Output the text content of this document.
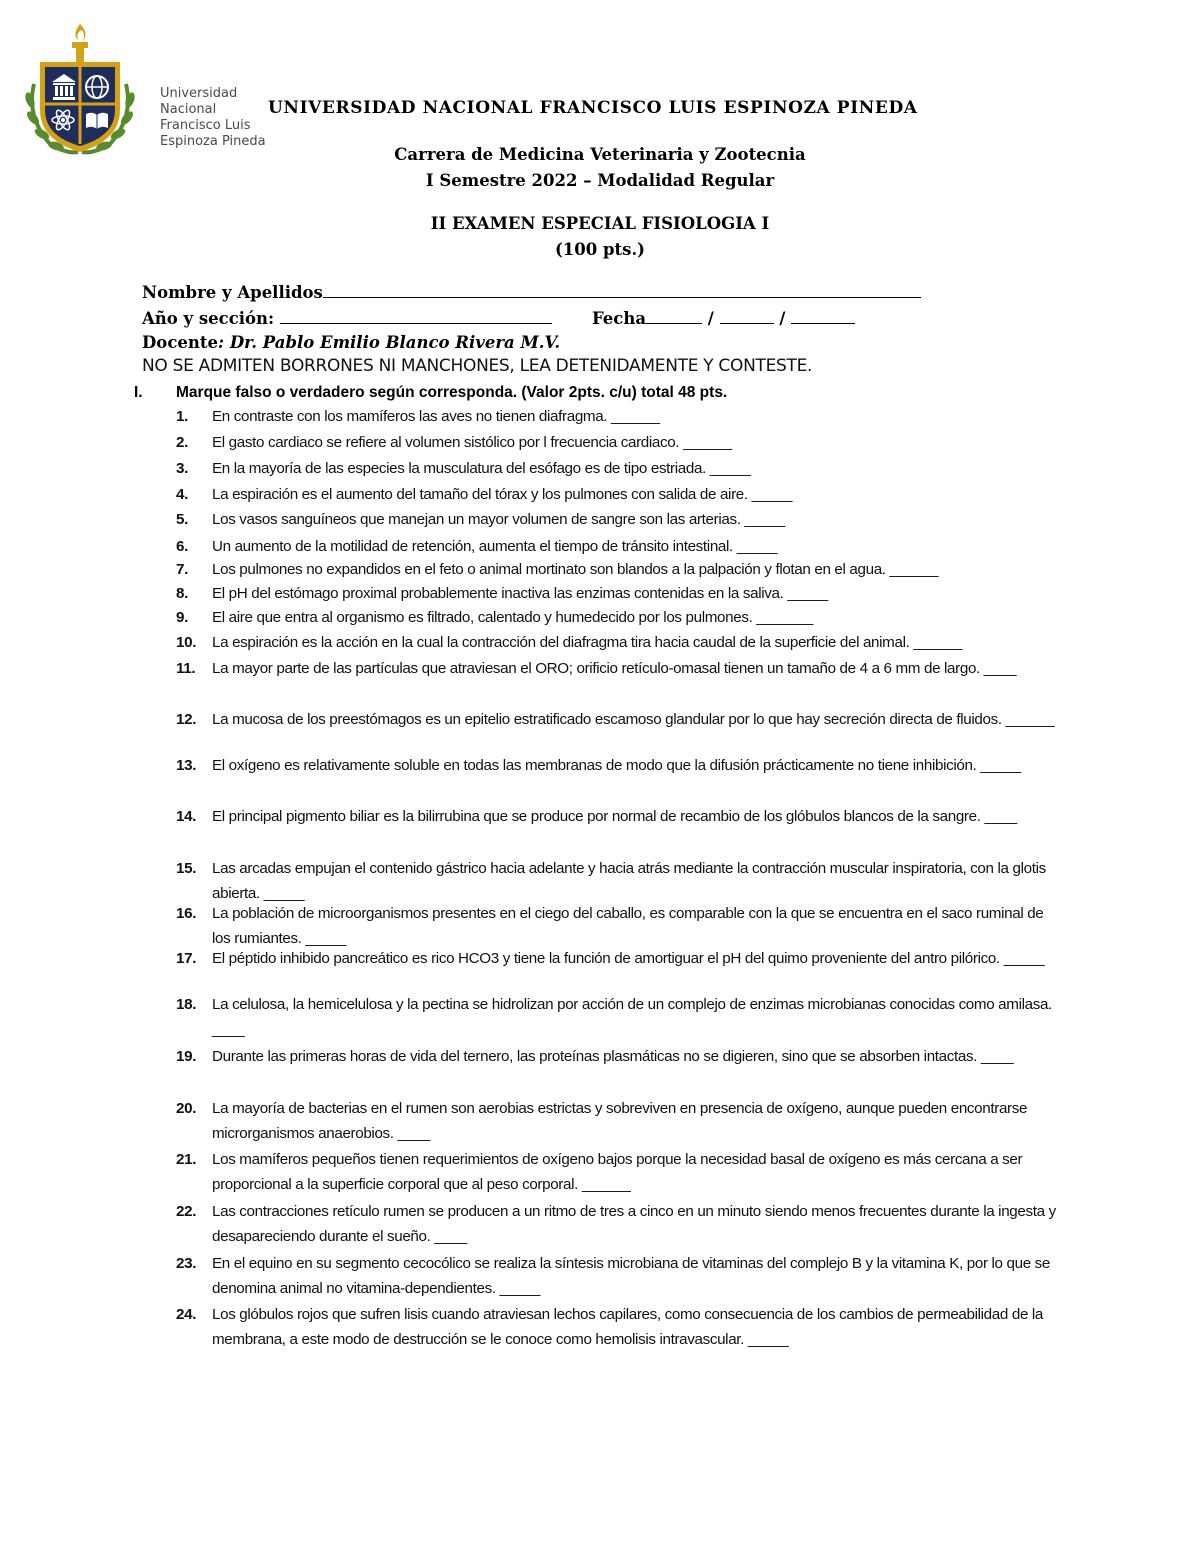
Universidad
Nacional
Francisco Luis
Espinoza Pineda
UNIVERSIDAD NACIONAL FRANCISCO LUIS ESPINOZA PINEDA
Carrera de Medicina Veterinaria y Zootecnia
I Semestre 2022 – Modalidad Regular
II EXAMEN ESPECIAL FISIOLOGIA I
(100 pts.)
Nombre y Apellidos
Año y sección:	Fecha	/	/
Docente: Dr. Pablo Emilio Blanco Rivera M.V.
NO SE ADMITEN BORRONES NI MANCHONES, LEA DETENIDAMENTE Y CONTESTE.
I. Marque falso o verdadero según corresponda. (Valor 2pts. c/u) total 48 pts.
1. En contraste con los mamíferos las aves no tienen diafragma. ______
2. El gasto cardiaco se refiere al volumen sistólico por l frecuencia cardiaco. ______
3. En la mayoría de las especies la musculatura del esófago es de tipo estriada. _____
4. La espiración es el aumento del tamaño del tórax y los pulmones con salida de aire. _____
5. Los vasos sanguíneos que manejan un mayor volumen de sangre son las arterias. _____
6. Un aumento de la motilidad de retención, aumenta el tiempo de tránsito intestinal. _____
7. Los pulmones no expandidos en el feto o animal mortinato son blandos a la palpación y flotan en el agua. ______
8. El pH del estómago proximal probablemente inactiva las enzimas contenidas en la saliva. _____
9. El aire que entra al organismo es filtrado, calentado y humedecido por los pulmones. _______
10. La espiración es la acción en la cual la contracción del diafragma tira hacia caudal de la superficie del animal. ______
11. La mayor parte de las partículas que atraviesan el ORO; orificio retículo-omasal tienen un tamaño de 4 a 6 mm de largo. ____
12. La mucosa de los preestómagos es un epitelio estratificado escamoso glandular por lo que hay secreción directa de fluidos. ______
13. El oxígeno es relativamente soluble en todas las membranas de modo que la difusión prácticamente no tiene inhibición. _____
14. El principal pigmento biliar es la bilirrubina que se produce por normal de recambio de los glóbulos blancos de la sangre. ____
15. Las arcadas empujan el contenido gástrico hacia adelante y hacia atrás mediante la contracción muscular inspiratoria, con la glotis abierta. _____
16. La población de microorganismos presentes en el ciego del caballo, es comparable con la que se encuentra en el saco ruminal de los rumiantes. _____
17. El péptido inhibido pancreático es rico HCO3 y tiene la función de amortiguar el pH del quimo proveniente del antro pilórico. _____
18. La celulosa, la hemicelulosa y la pectina se hidrolizan por acción de un complejo de enzimas microbianas conocidas como amilasa. ____
19. Durante las primeras horas de vida del ternero, las proteínas plasmáticas no se digieren, sino que se absorben intactas. ____
20. La mayoría de bacterias en el rumen son aerobias estrictas y sobreviven en presencia de oxígeno, aunque pueden encontrarse microrganismos anaerobios. ____
21. Los mamíferos pequeños tienen requerimientos de oxígeno bajos porque la necesidad basal de oxígeno es más cercana a ser proporcional a la superficie corporal que al peso corporal. ______
22. Las contracciones retículo rumen se producen a un ritmo de tres a cinco en un minuto siendo menos frecuentes durante la ingesta y desapareciendo durante el sueño. ____
23. En el equino en su segmento cecocólico se realiza la síntesis microbiana de vitaminas del complejo B y la vitamina K, por lo que se denomina animal no vitamina-dependientes. _____
24. Los glóbulos rojos que sufren lisis cuando atraviesan lechos capilares, como consecuencia de los cambios de permeabilidad de la membrana, a este modo de destrucción se le conoce como hemolisis intravascular. _____
